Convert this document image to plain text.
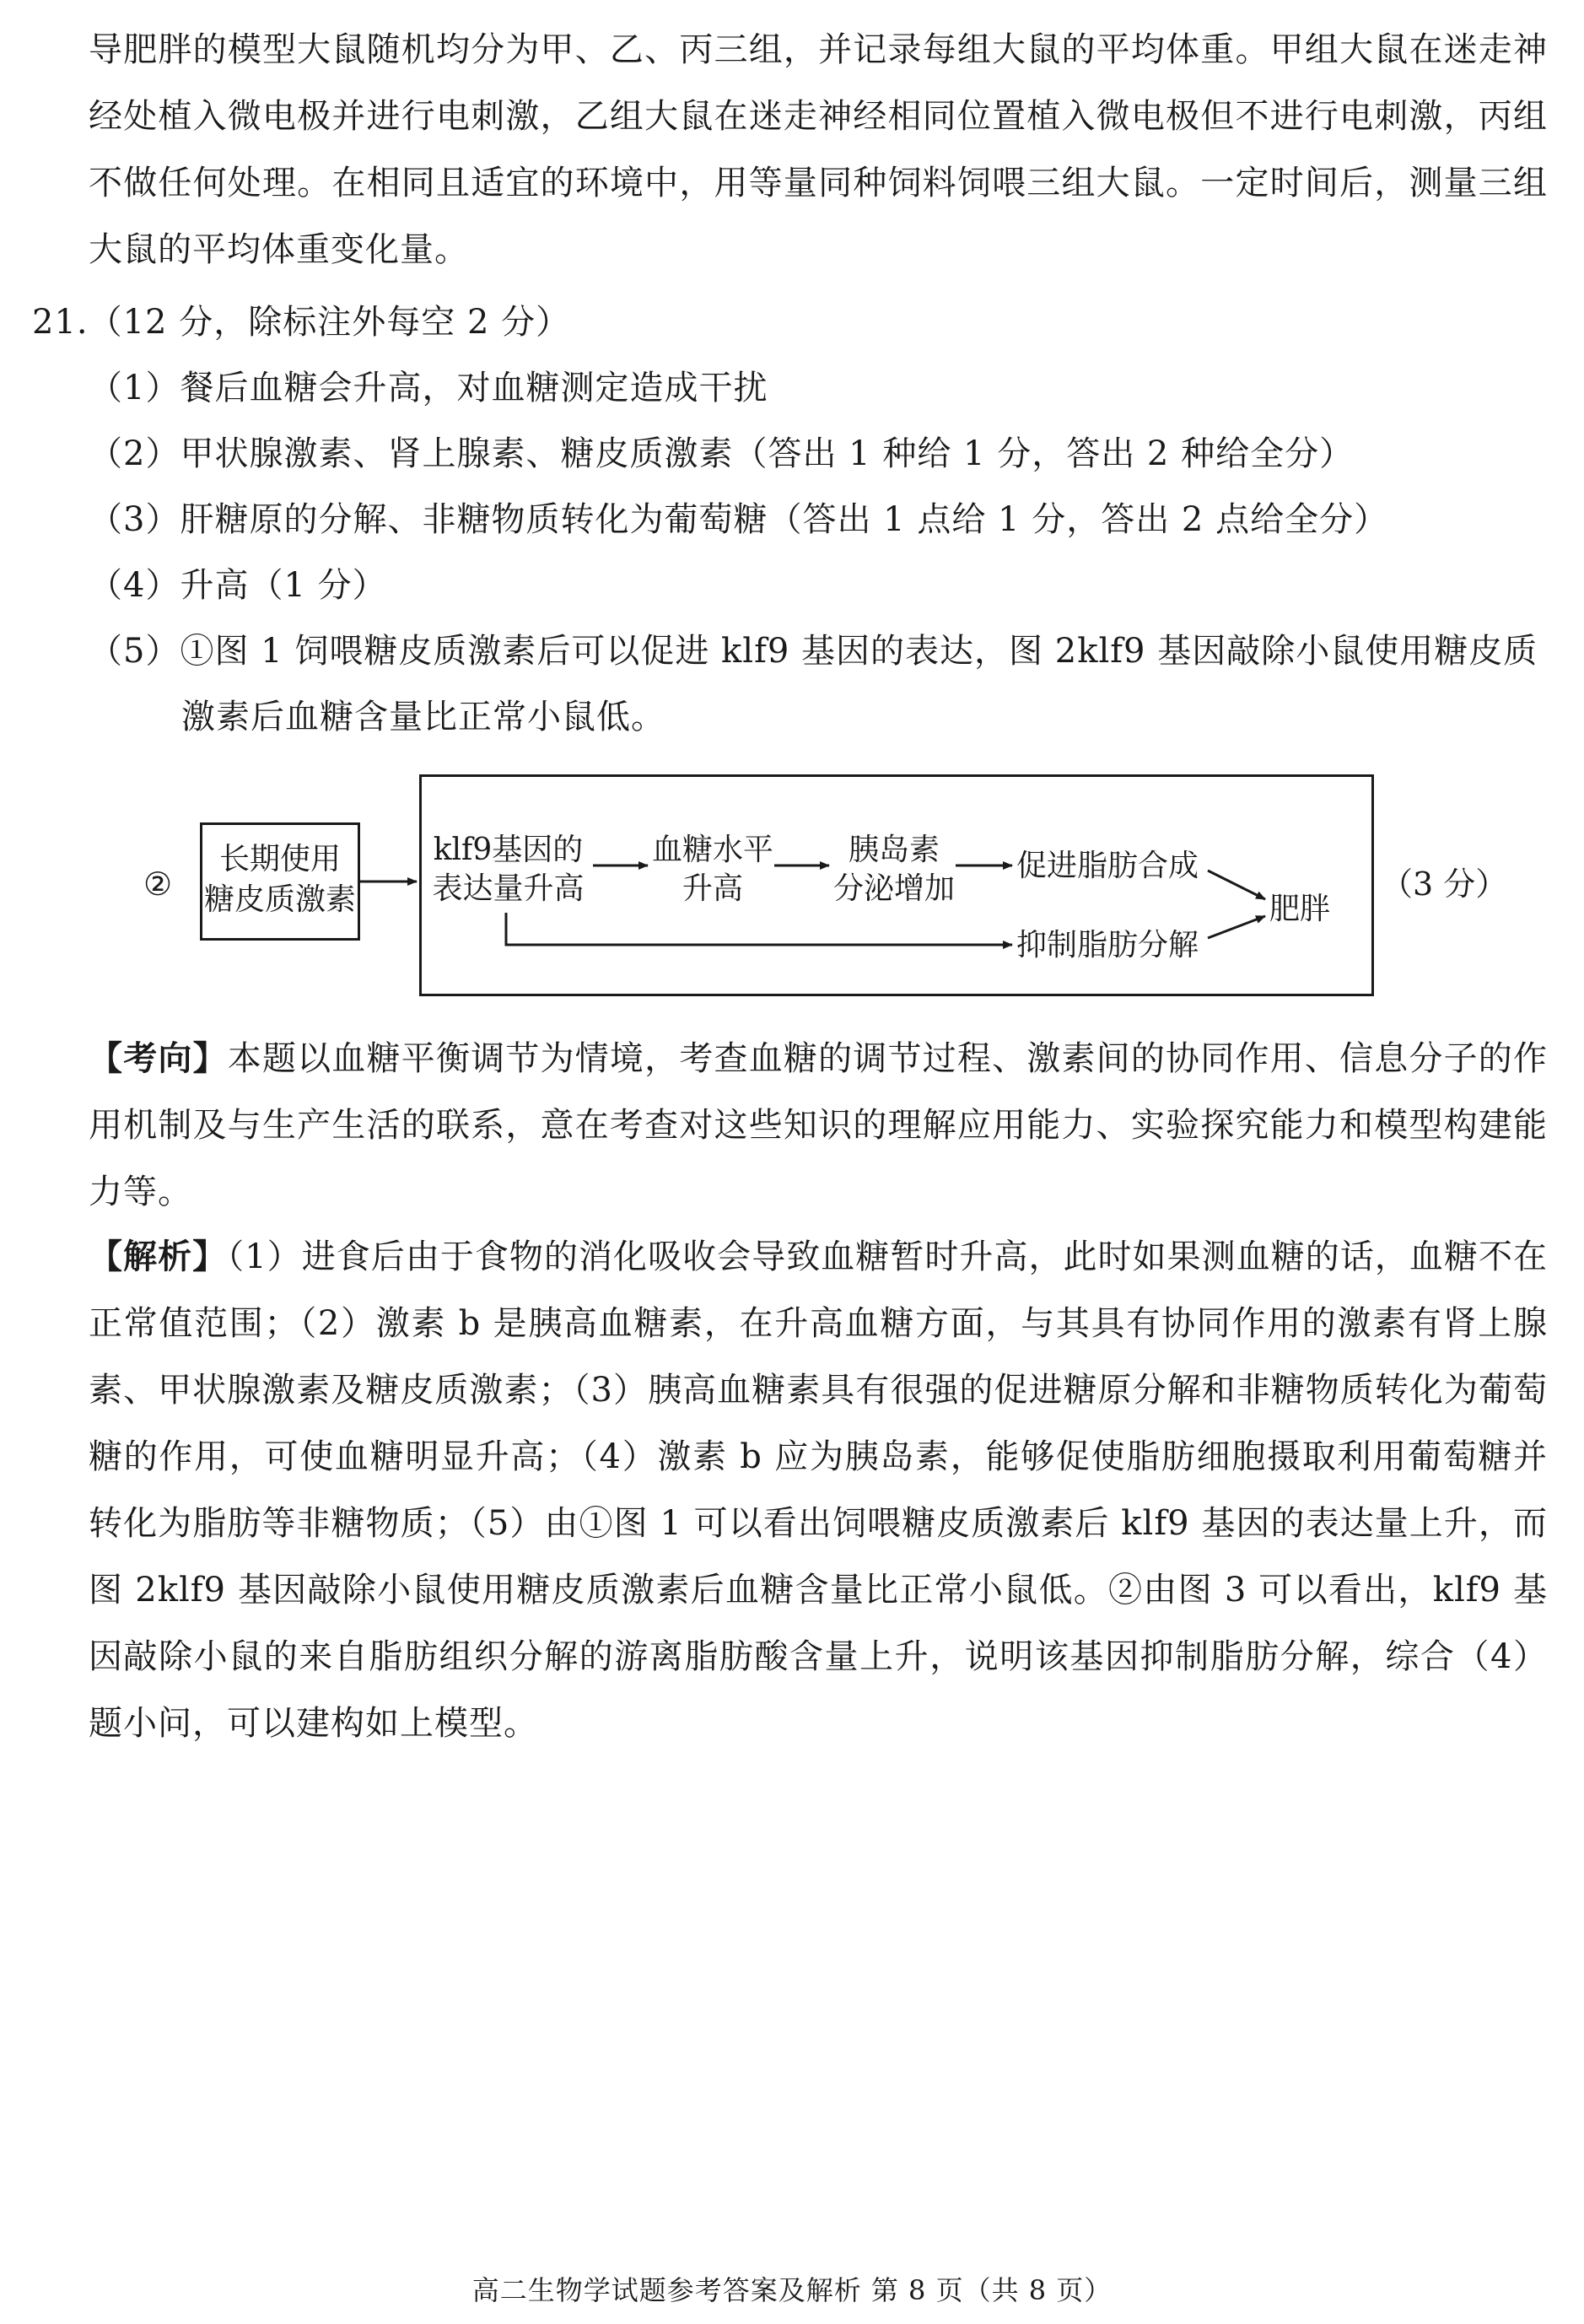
导肥胖的模型大鼠随机均分为甲、乙、丙三组，并记录每组大鼠的平均体重。甲组大鼠在迷走神经处植入微电极并进行电刺激，乙组大鼠在迷走神经相同位置植入微电极但不进行电刺激，丙组不做任何处理。在相同且适宜的环境中，用等量同种饲料饲喂三组大鼠。一定时间后，测量三组大鼠的平均体重变化量。

21.（12 分，除标注外每空 2 分）

（1）餐后血糖会升高，对血糖测定造成干扰

（2）甲状腺激素、肾上腺素、糖皮质激素（答出 1 种给 1 分，答出 2 种给全分）

（3）肝糖原的分解、非糖物质转化为葡萄糖（答出 1 点给 1 分，答出 2 点给全分）

（4）升高（1 分）

（5）①图 1 饲喂糖皮质激素后可以促进 klf9 基因的表达，图 2klf9 基因敲除小鼠使用糖皮质

激素后血糖含量比正常小鼠低。

②
长期使用
糖皮质激素
klf9基因的
表达量升高
血糖水平
升高
胰岛素
分泌增加
促进脂肪合成
抑制脂肪分解
肥胖
（3 分）

【考向】本题以血糖平衡调节为情境，考查血糖的调节过程、激素间的协同作用、信息分子的作用机制及与生产生活的联系，意在考查对这些知识的理解应用能力、实验探究能力和模型构建能力等。

【解析】（1）进食后由于食物的消化吸收会导致血糖暂时升高，此时如果测血糖的话，血糖不在正常值范围；（2）激素 b 是胰高血糖素，在升高血糖方面，与其具有协同作用的激素有肾上腺素、甲状腺激素及糖皮质激素；（3）胰高血糖素具有很强的促进糖原分解和非糖物质转化为葡萄糖的作用，可使血糖明显升高；（4）激素 b 应为胰岛素，能够促使脂肪细胞摄取利用葡萄糖并转化为脂肪等非糖物质；（5）由①图 1 可以看出饲喂糖皮质激素后 klf9 基因的表达量上升，而图 2klf9 基因敲除小鼠使用糖皮质激素后血糖含量比正常小鼠低。②由图 3 可以看出，klf9 基因敲除小鼠的来自脂肪组织分解的游离脂肪酸含量上升，说明该基因抑制脂肪分解，综合（4）题小问，可以建构如上模型。

高二生物学试题参考答案及解析 第 8 页（共 8 页）
